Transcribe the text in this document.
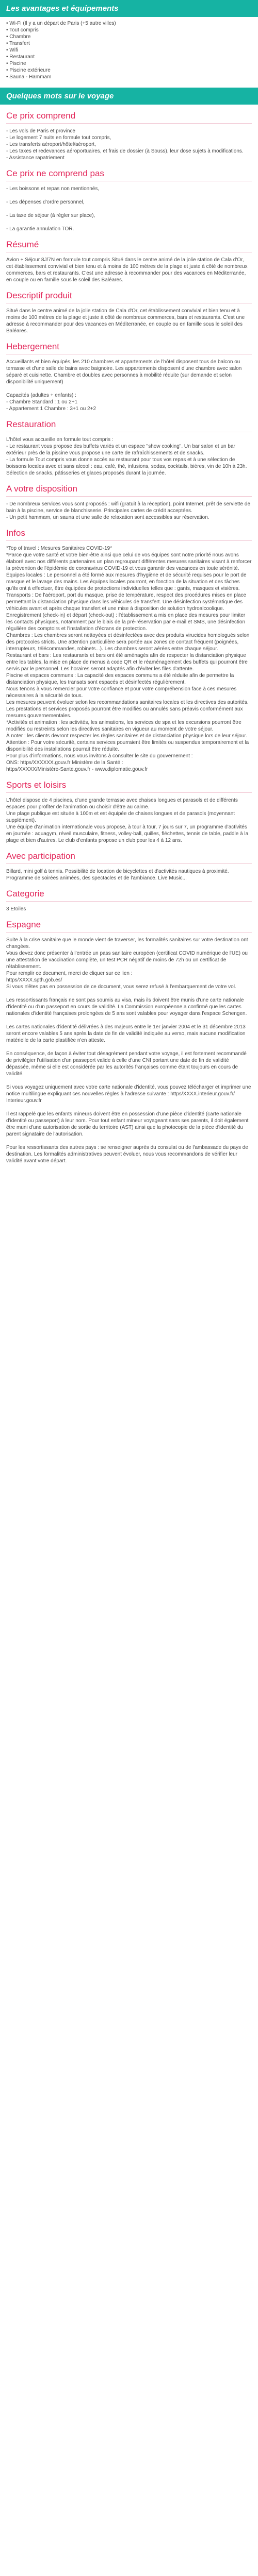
Les avantages et équipements
• Wi-Fi (Il y a un départ de Paris (+5 autre villes)
• Tout compris
• Chambre
• Transfert
• Wifi
• Restaurant
• Piscine
• Piscine extérieure
• Sauna - Hammam
Quelques mots sur le voyage
Ce prix comprend

- Les vols de Paris et province
- Le logement 7 nuits en formule tout compris,
- Les transferts aéroport/hôtel/aéroport,
- Les taxes et redevances aéroportuaires, et frais de dossier (à Souss), leur dose sujets à modifications.
- Assistance rapatriement

Ce prix ne comprend pas

- Les boissons et repas non mentionnés,

- Les dépenses d'ordre personnel,

- La taxe de séjour (à régler sur place),

- La garantie annulation TOR.

Résumé

Avion + Séjour 8J/7N en formule tout compris Situé dans le centre animé de la jolie station de Cala d'Or, cet établissement convivial et bien tenu et à moins de 100 mètres de la plage et juste à côté de nombreux commerces, bars et restaurants. C'est une adresse à recommander pour des vacances en Méditerranée, en couple ou en famille sous le soleil des Baléares.

Descriptif produit

Situé dans le centre animé de la jolie station de Cala d'Or, cet établissement convivial et bien tenu et à moins de 100 mètres de la plage et juste à côté de nombreux commerces, bars et restaurants. C'est une adresse à recommander pour des vacances en Méditerranée, en couple ou en famille sous le soleil des Baléares.

Hebergement

Accueillants et bien équipés, les 210 chambres et appartements de l'hôtel disposent tous de balcon ou terrasse et d'une salle de bains avec baignoire. Les appartements disposent d'une chambre avec salon séparé et cuisinette. Chambre et doubles avec personnes à mobilité réduite (sur demande et selon disponibilité uniquement)

Capacités (adultes + enfants) :
- Chambre Standard : 1 ou 2+1
- Appartement 1 Chambre : 3+1 ou 2+2

Restauration

L'hôtel vous accueille en formule tout compris :
- Le restaurant vous propose des buffets variés et un espace "show cooking". Un bar salon et un bar extérieur près de la piscine vous propose une carte de rafraîchissements et de snacks.
- La formule Tout compris vous donne accès au restaurant pour tous vos repas et à une sélection de boissons locales avec et sans alcool : eau, café, thé, infusions, sodas, cocktails, bières, vin de 10h à 23h. Sélection de snacks, pâtisseries et glaces proposés durant la journée.

A votre disposition

- De nombreux services vous sont proposés : wifi (gratuit à la réception), point Internet, prêt de serviette de bain à la piscine, service de blanchisserie. Principales cartes de crédit acceptées.
- Un petit hammam, un sauna et une salle de relaxation sont accessibles sur réservation.

Infos

*Top of travel : Mesures Sanitaires COVID-19*
*Parce que votre santé et votre bien-être ainsi que celui de vos équipes sont notre priorité nous avons élaboré avec nos différents partenaires un plan regroupant différentes mesures sanitaires visant à renforcer la prévention de l'épidémie de coronavirus COVID-19 et vous garantir des vacances en toute sérénité.
Équipes locales : Le personnel a été formé aux mesures d'hygiène et de sécurité requises pour le port de masque et le lavage des mains. Les équipes locales pourront, en fonction de la situation et des tâches qu'ils ont à effectuer, être équipées de protections individuelles telles que : gants, masques et visières.
Transports : De l'aéroport, port du masque, prise de température, respect des procédures mises en place permettant la distanciation physique dans les véhicules de transfert. Une désinfection systématique des véhicules avant et après chaque transfert et une mise à disposition de solution hydroalcoolique.
Enregistrement (check-in) et départ (check-out) : l'établissement a mis en place des mesures pour limiter les contacts physiques, notamment par le biais de la pré-réservation par e-mail et SMS, une désinfection régulière des comptoirs et l'installation d'écrans de protection.
Chambres : Les chambres seront nettoyées et désinfectées avec des produits virucides homologués selon des protocoles stricts. Une attention particulière sera portée aux zones de contact fréquent (poignées, interrupteurs, télécommandes, robinets...). Les chambres seront aérées entre chaque séjour.
Restaurant et bars : Les restaurants et bars ont été aménagés afin de respecter la distanciation physique entre les tables, la mise en place de menus à code QR et le réaménagement des buffets qui pourront être servis par le personnel. Les horaires seront adaptés afin d'éviter les files d'attente.
Piscine et espaces communs : La capacité des espaces communs a été réduite afin de permettre la distanciation physique, les transats sont espacés et désinfectés régulièrement.
Nous tenons à vous remercier pour votre confiance et pour votre compréhension face à ces mesures nécessaires à la sécurité de tous.
Les mesures peuvent évoluer selon les recommandations sanitaires locales et les directives des autorités. Les prestations et services proposés pourront être modifiés ou annulés sans préavis conformément aux mesures gouvernementales.
*Activités et animation : les activités, les animations, les services de spa et les excursions pourront être modifiés ou restreints selon les directives sanitaires en vigueur au moment de votre séjour.
À noter : les clients devront respecter les règles sanitaires et de distanciation physique lors de leur séjour.
Attention : Pour votre sécurité, certains services pourraient être limités ou suspendus temporairement et la disponibilité des installations pourrait être réduite.
Pour plus d'informations, nous vous invitons à consulter le site du gouvernement :
ONS: https/XXXXXX.gouv.fr Ministère de la Santé :
https/XXXXX/Ministère-Sante.gouv.fr - www.diplomatie.gouv.fr

Sports et loisirs

L'hôtel dispose de 4 piscines, d'une grande terrasse avec chaises longues et parasols et de différents espaces pour profiter de l'animation ou choisir d'être au calme.
Une plage publique est située à 100m et est équipée de chaises longues et de parasols (moyennant supplément).
Une équipe d'animation internationale vous propose, à tour à tour, 7 jours sur 7, un programme d'activités en journée : aquagym, réveil musculaire, fitness, volley-ball, quilles, fléchettes, tennis de table, paddle à la plage et bien d'autres. Le club d'enfants propose un club pour les 4 à 12 ans.

Avec participation

Billard, mini golf à tennis. Possibilité de location de bicyclettes et d'activités nautiques à proximité. Programme de soirées animées, des spectacles et de l'ambiance. Live Music...

Categorie

3 Etoiles

Espagne

Suite à la crise sanitaire que le monde vient de traverser, les formalités sanitaires sur votre destination ont changées.
Vous devez donc présenter à l'entrée un pass sanitaire européen (certificat COVID numérique de l'UE) ou une attestation de vaccination complète, un test PCR négatif de moins de 72h ou un certificat de rétablissement.
Pour remplir ce document, merci de cliquer sur ce lien :
https/XXXX.spth.gob.es/
Si vous n'êtes pas en possession de ce document, vous serez refusé à l'embarquement de votre vol.

Les ressortissants français ne sont pas soumis au visa, mais ils doivent être munis d'une carte nationale d'identité ou d'un passeport en cours de validité. La Commission européenne a confirmé que les cartes nationales d'identité françaises prolongées de 5 ans sont valables pour voyager dans l'espace Schengen.

Les cartes nationales d'identité délivrées à des majeurs entre le 1er janvier 2004 et le 31 décembre 2013 seront encore valables 5 ans après la date de fin de validité indiquée au verso, mais aucune modification matérielle de la carte plastifiée n'en atteste.

En conséquence, de façon à éviter tout désagrément pendant votre voyage, il est fortement recommandé de privilégier l'utilisation d'un passeport valide à celle d'une CNI portant une date de fin de validité dépassée, même si elle est considérée par les autorités françaises comme étant toujours en cours de validité.

Si vous voyagez uniquement avec votre carte nationale d'identité, vous pouvez télécharger et imprimer une notice multilingue expliquant ces nouvelles règles à l'adresse suivante : https/XXXX.interieur.gouv.fr/ Interieur.gouv.fr

Il est rappelé que les enfants mineurs doivent être en possession d'une pièce d'identité (carte nationale d'identité ou passeport) à leur nom. Pour tout enfant mineur voyageant sans ses parents, il doit également être muni d'une autorisation de sortie du territoire (AST) ainsi que la photocopie de la pièce d'identité du parent signataire de l'autorisation.

Pour les ressortissants des autres pays : se renseigner auprès du consulat ou de l'ambassade du pays de destination. Les formalités administratives peuvent évoluer, nous vous recommandons de vérifier leur validité avant votre départ.
